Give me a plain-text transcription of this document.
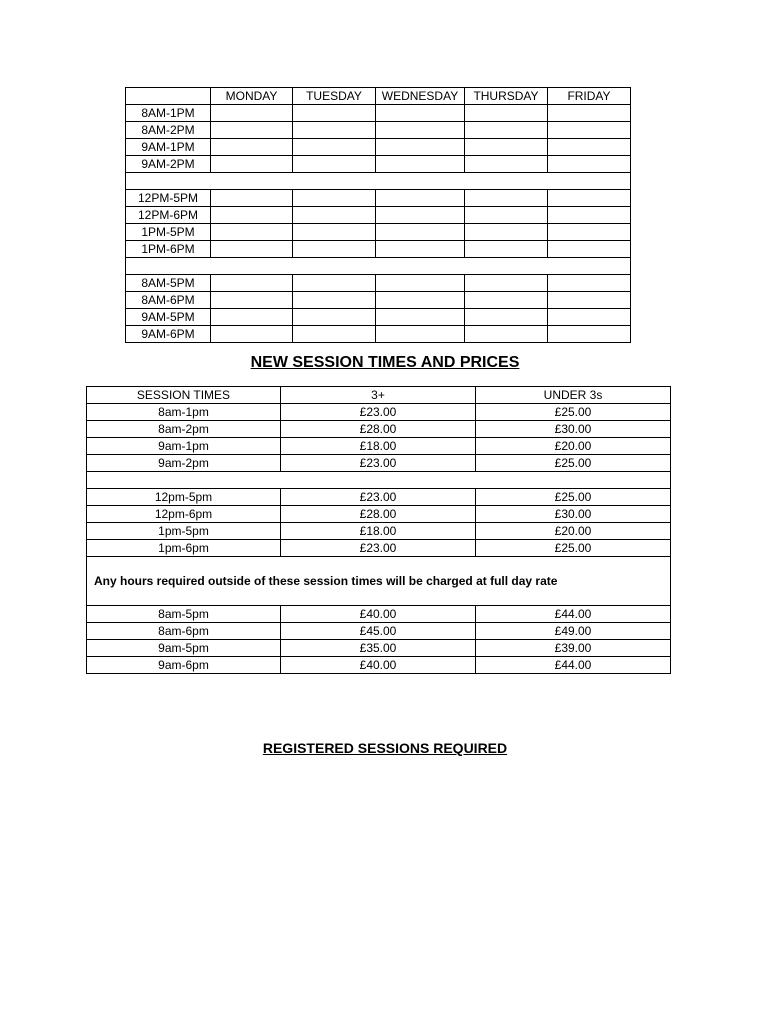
	MONDAY	TUESDAY	WEDNESDAY	THURSDAY	FRIDAY
8AM-1PM					
8AM-2PM					
9AM-1PM					
9AM-2PM					

12PM-5PM					
12PM-6PM					
1PM-5PM					
1PM-6PM					

8AM-5PM					
8AM-6PM					
9AM-5PM					
9AM-6PM					
NEW SESSION TIMES AND PRICES
SESSION TIMES	3+	UNDER 3s
8am-1pm	£23.00	£25.00
8am-2pm	£28.00	£30.00
9am-1pm	£18.00	£20.00
9am-2pm	£23.00	£25.00

12pm-5pm	£23.00	£25.00
12pm-6pm	£28.00	£30.00
1pm-5pm	£18.00	£20.00
1pm-6pm	£23.00	£25.00
Any hours required outside of these session times will be charged at full day rate		
8am-5pm	£40.00	£44.00
8am-6pm	£45.00	£49.00
9am-5pm	£35.00	£39.00
9am-6pm	£40.00	£44.00
REGISTERED SESSIONS REQUIRED
